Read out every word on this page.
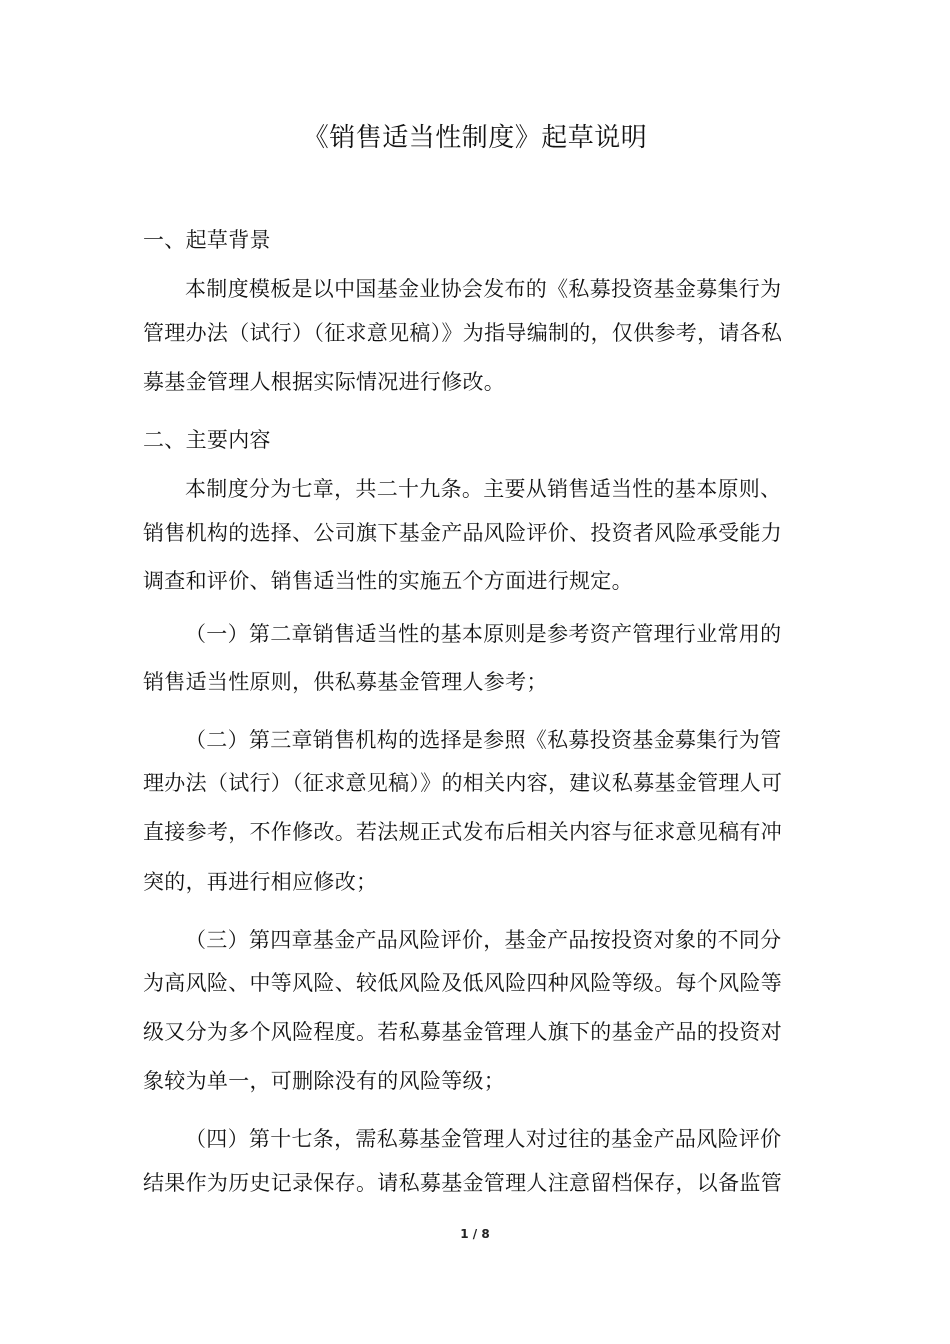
《销售适当性制度》起草说明
一、起草背景
本制度模板是以中国基金业协会发布的《私募投资基金募集行为
管理办法（试行）（征求意见稿）》为指导编制的，仅供参考，请各私
募基金管理人根据实际情况进行修改。
二、主要内容
本制度分为七章，共二十九条。主要从销售适当性的基本原则、
销售机构的选择、公司旗下基金产品风险评价、投资者风险承受能力
调查和评价、销售适当性的实施五个方面进行规定。
（一）第二章销售适当性的基本原则是参考资产管理行业常用的
销售适当性原则，供私募基金管理人参考；
（二）第三章销售机构的选择是参照《私募投资基金募集行为管
理办法（试行）（征求意见稿）》的相关内容，建议私募基金管理人可
直接参考，不作修改。若法规正式发布后相关内容与征求意见稿有冲
突的，再进行相应修改；
（三）第四章基金产品风险评价，基金产品按投资对象的不同分
为高风险、中等风险、较低风险及低风险四种风险等级。每个风险等
级又分为多个风险程度。若私募基金管理人旗下的基金产品的投资对
象较为单一，可删除没有的风险等级；
（四）第十七条，需私募基金管理人对过往的基金产品风险评价
结果作为历史记录保存。请私募基金管理人注意留档保存，以备监管
1 / 8
